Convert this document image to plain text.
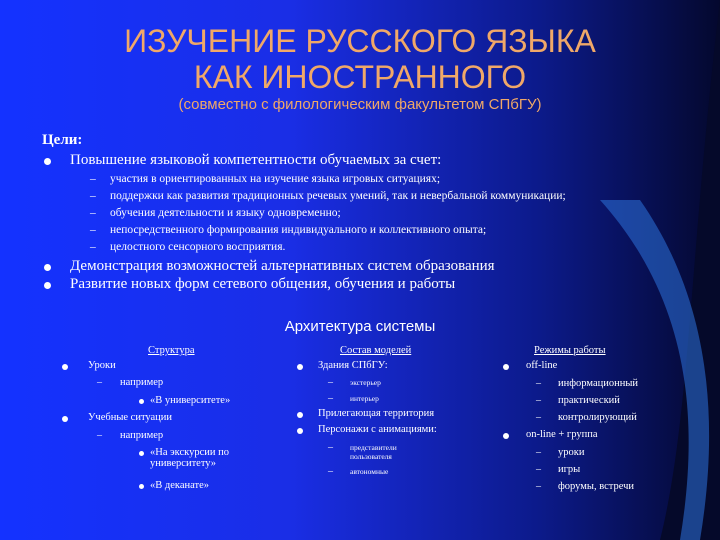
ИЗУЧЕНИЕ РУССКОГО ЯЗЫКА
КАК ИНОСТРАННОГО
(совместно с филологическим факультетом СПбГУ)
Цели:
Повышение языковой компетентности обучаемых за счет:
– участия в ориентированных на изучение языка игровых ситуациях;
– поддержки как развития традиционных речевых умений, так и невербальной коммуникации;
– обучения деятельности и языку одновременно;
– непосредственного формирования индивидуального и коллективного опыта;
– целостного сенсорного восприятия.
Демонстрация возможностей альтернативных систем образования
Развитие новых форм сетевого общения, обучения и работы
Архитектура системы
Структура
Уроки
– например
«В университете»
Учебные ситуации
– например
«На экскурсии по университету»
«В деканате»
Состав моделей
Здания СПбГУ:
– экстерьер
– интерьер
Прилегающая территория
Персонажи с анимациями:
– представители пользователя
– автономные
Режимы работы
off-line
– информационный
– практический
– контролирующий
on-line + группа
– уроки
– игры
– форумы, встречи
